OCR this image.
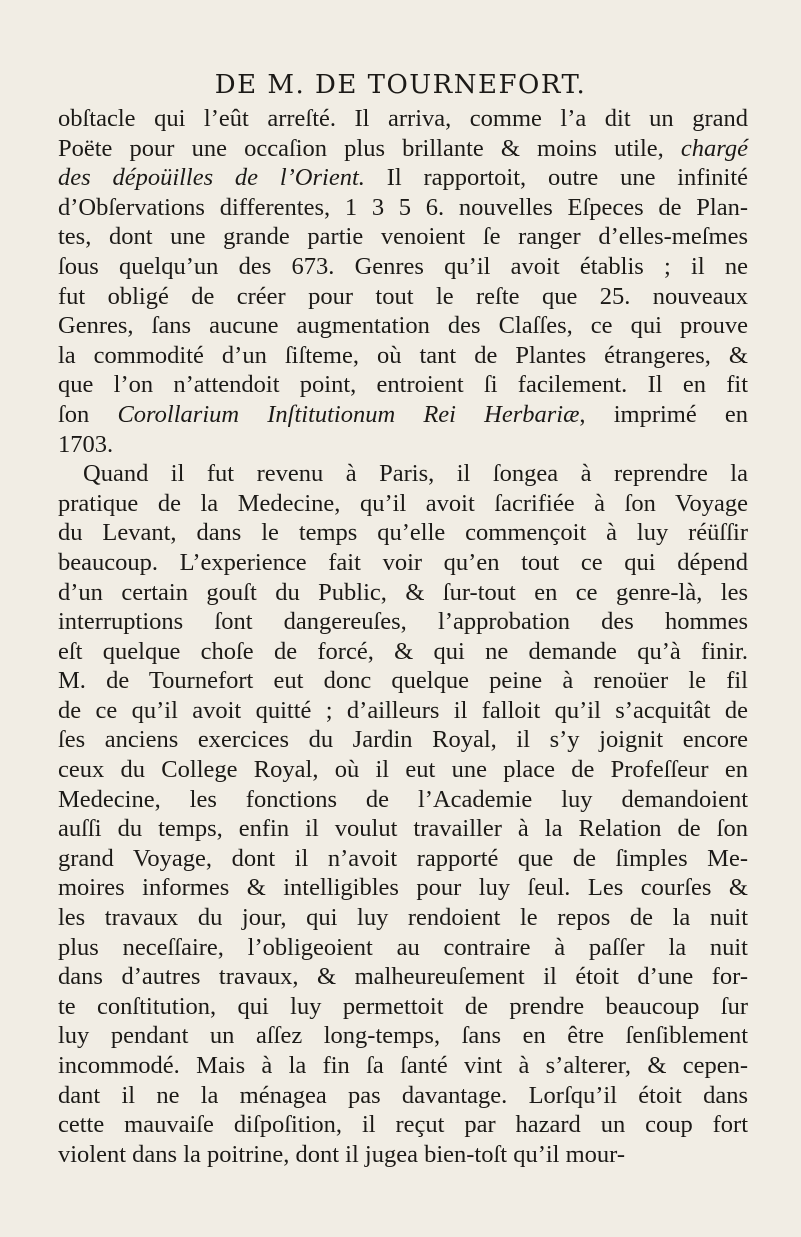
DE M. DE TOURNEFORT.
obſtacle qui l’eût arreſté. Il arriva, comme l’a dit un grand
Poëte pour une occaſion plus brillante & moins utile, chargé
des dépoüilles de l’Orient. Il rapportoit, outre une infinité
d’Obſervations differentes, 1 3 5 6. nouvelles Eſpeces de Plan-
tes, dont une grande partie venoient ſe ranger d’elles-meſmes
ſous quelqu’un des 673. Genres qu’il avoit établis ; il ne
fut obligé de créer pour tout le reſte que 25. nouveaux
Genres, ſans aucune augmentation des Claſſes, ce qui prouve
la commodité d’un ſiſteme, où tant de Plantes étrangeres, &
que l’on n’attendoit point, entroient ſi facilement. Il en fit
ſon Corollarium Inſtitutionum Rei Herbariæ, imprimé en
1703.
Quand il fut revenu à Paris, il ſongea à reprendre la
pratique de la Medecine, qu’il avoit ſacrifiée à ſon Voyage
du Levant, dans le temps qu’elle commençoit à luy réüſſir
beaucoup. L’experience fait voir qu’en tout ce qui dépend
d’un certain gouſt du Public, & ſur-tout en ce genre-là, les
interruptions ſont dangereuſes, l’approbation des hommes
eſt quelque choſe de forcé, & qui ne demande qu’à finir.
M. de Tournefort eut donc quelque peine à renoüer le fil
de ce qu’il avoit quitté ; d’ailleurs il falloit qu’il s’acquitât de
ſes anciens exercices du Jardin Royal, il s’y joignit encore
ceux du College Royal, où il eut une place de Profeſſeur en
Medecine, les fonctions de l’Academie luy demandoient
auſſi du temps, enfin il voulut travailler à la Relation de ſon
grand Voyage, dont il n’avoit rapporté que de ſimples Me-
moires informes & intelligibles pour luy ſeul. Les courſes &
les travaux du jour, qui luy rendoient le repos de la nuit
plus neceſſaire, l’obligeoient au contraire à paſſer la nuit
dans d’autres travaux, & malheureuſement il étoit d’une for-
te conſtitution, qui luy permettoit de prendre beaucoup ſur
luy pendant un aſſez long-temps, ſans en être ſenſiblement
incommodé. Mais à la fin ſa ſanté vint à s’alterer, & cepen-
dant il ne la ménagea pas davantage. Lorſqu’il étoit dans
cette mauvaiſe diſpoſition, il reçut par hazard un coup fort
violent dans la poitrine, dont il jugea bien-toſt qu’il mour-
